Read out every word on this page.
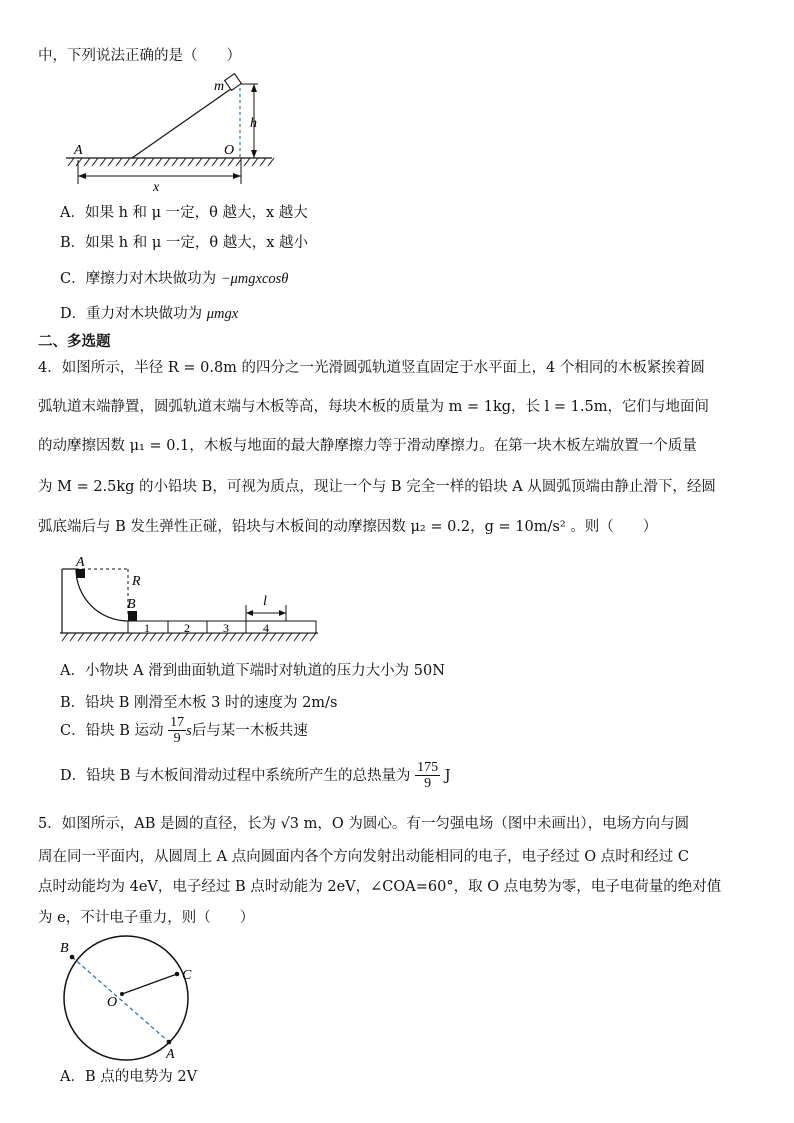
中，下列说法正确的是（　　）
m
h
A	O
x
A．如果 h 和 μ 一定，θ 越大，x 越大
B．如果 h 和 μ 一定，θ 越大，x 越小
C．摩擦力对木块做功为 −μmgxcosθ
D．重力对木块做功为 μmgx
二、多选题
4．如图所示，半径 R = 0.8m 的四分之一光滑圆弧轨道竖直固定于水平面上，4 个相同的木板紧挨着圆
弧轨道末端静置，圆弧轨道末端与木板等高，每块木板的质量为 m = 1kg，长 l = 1.5m，它们与地面间
的动摩擦因数 μ₁ = 0.1，木板与地面的最大静摩擦力等于滑动摩擦力。在第一块木板左端放置一个质量
为 M = 2.5kg 的小铅块 B，可视为质点，现让一个与 B 完全一样的铅块 A 从圆弧顶端由静止滑下，经圆
弧底端后与 B 发生弹性正碰，铅块与木板间的动摩擦因数 μ₂ = 0.2，g = 10m/s² 。则（　　）
A
R
B	l
1	2	3	4
A．小物块 A 滑到曲面轨道下端时对轨道的压力大小为 50N
B．铅块 B 刚滑至木板 3 时的速度为 2m/s
C．铅块 B 运动 $\frac{17}{9}$ s后与某一木板共速
D．铅块 B 与木板间滑动过程中系统所产生的总热量为 $\frac{175}{9}$ J
5．如图所示，AB 是圆的直径，长为 √3 m，O 为圆心。有一匀强电场（图中未画出），电场方向与圆
周在同一平面内，从圆周上 A 点向圆面内各个方向发射出动能相同的电子，电子经过 O 点时和经过 C
点时动能均为 4eV，电子经过 B 点时动能为 2eV，∠COA=60°，取 O 点电势为零，电子电荷量的绝对值
为 e，不计电子重力，则（　　）
B
C
O
A
A．B 点的电势为 2V
